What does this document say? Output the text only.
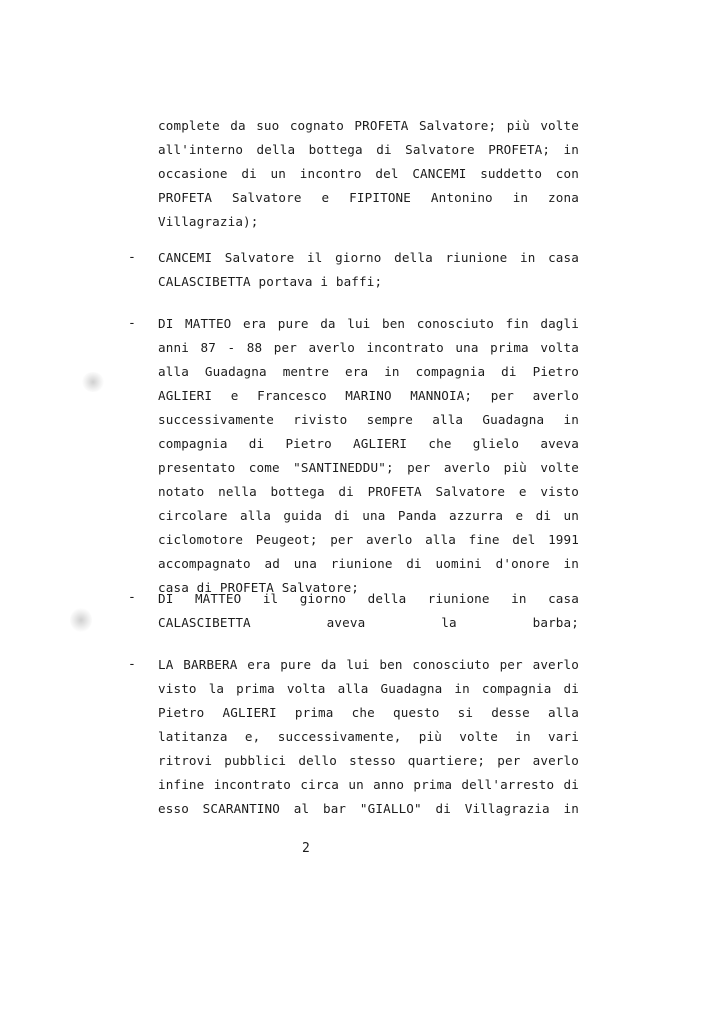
complete da suo cognato PROFETA Salvatore; più volte
all'interno della bottega di Salvatore PROFETA; in
occasione di un incontro del CANCEMI suddetto con
PROFETA Salvatore e FIPITONE Antonino in zona
Villagrazia);
- CANCEMI Salvatore il giorno della riunione in casa
CALASCIBETTA portava i baffi;
- DI MATTEO era pure da lui ben conosciuto fin dagli
anni 87 - 88 per averlo incontrato una prima volta
alla Guadagna mentre era in compagnia di Pietro
AGLIERI e Francesco MARINO MANNOIA; per averlo
successivamente rivisto sempre alla Guadagna in
compagnia di Pietro AGLIERI che glielo aveva
presentato come "SANTINEDDU"; per averlo più volte
notato nella bottega di PROFETA Salvatore e visto
circolare alla guida di una Panda azzurra e di un
ciclomotore Peugeot; per averlo alla fine del 1991
accompagnato ad una riunione di uomini d'onore in
casa di PROFETA Salvatore;
- DI MATTEO il giorno della riunione in casa
CALASCIBETTA aveva la barba;
- LA BARBERA era pure da lui ben conosciuto per averlo
visto la prima volta alla Guadagna in compagnia di
Pietro AGLIERI prima che questo si desse alla
latitanza e, successivamente, più volte in vari
ritrovi pubblici dello stesso quartiere; per averlo
infine incontrato circa un anno prima dell'arresto di
esso SCARANTINO al bar "GIALLO" di Villagrazia in
2
